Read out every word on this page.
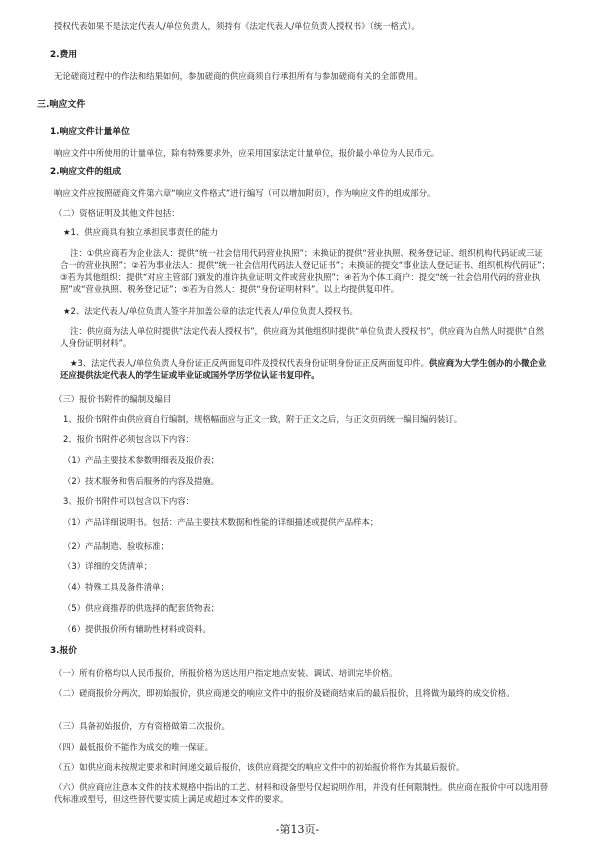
授权代表如果不是法定代表人/单位负责人，须持有《法定代表人/单位负责人授权书》（统一格式）。
2.费用
无论磋商过程中的作法和结果如何，参加磋商的供应商须自行承担所有与参加磋商有关的全部费用。
三.响应文件
1.响应文件计量单位
响应文件中所使用的计量单位，除有特殊要求外，应采用国家法定计量单位，报价最小单位为人民币元。
2.响应文件的组成
响应文件应按照磋商文件第六章“响应文件格式”进行编写（可以增加附页），作为响应文件的组成部分。
（二）资格证明及其他文件包括：
★1、供应商具有独立承担民事责任的能力
注：①供应商若为企业法人：提供“统一社会信用代码营业执照”；未换证的提供“营业执照、税务登记证、组织机构代码证或三证合一的营业执照”；②若为事业法人：提供“统一社会信用代码法人登记证书”；未换证的提交“事业法人登记证书、组织机构代码证”；③若为其他组织：提供“对应主管部门颁发的准许执业证明文件或营业执照”；④若为个体工商户：提交“统一社会信用代码的营业执照”或“营业执照、税务登记证”；⑤若为自然人：提供“身份证明材料”。以上均提供复印件。
★2、法定代表人/单位负责人签字并加盖公章的法定代表人/单位负责人授权书。
注：供应商为法人单位时提供“法定代表人授权书”，供应商为其他组织时提供“单位负责人授权书”，供应商为自然人时提供“自然人身份证明材料”。
★3、法定代表人/单位负责人身份证正反两面复印件及授权代表身份证明身份证正反两面复印件。供应商为大学生创办的小微企业还应提供法定代表人的学生证或毕业证或国外学历学位认证书复印件。
（三）报价书附件的编制及编目
1、报价书附件由供应商自行编制，规格幅面应与正文一致，附于正文之后，与正文页码统一编目编码装订。
2、报价书附件必须包含以下内容：
（1）产品主要技术参数明细表及报价表；
（2）技术服务和售后服务的内容及措施。
3、报价书附件可以包含以下内容：
（1）产品详细说明书。包括：产品主要技术数据和性能的详细描述或提供产品样本；
（2）产品制造、验收标准；
（3）详细的交货清单；
（4）特殊工具及备件清单；
（5）供应商推荐的供选择的配套货物表；
（6）提供报价所有辅助性材料或资料。
3.报价
（一）所有价格均以人民币报价，所报价格为送达用户指定地点安装、调试、培训完毕价格。
（二）磋商报价分两次，即初始报价，供应商递交的响应文件中的报价及磋商结束后的最后报价，且将做为最终的成交价格。
（三）具备初始报价，方有资格做第二次报价。
（四）最低报价不能作为成交的唯一保证。
（五）如供应商未按规定要求和时间递交最后报价，该供应商提交的响应文件中的初始报价将作为其最后报价。
（六）供应商应注意本文件的技术规格中指出的工艺、材料和设备型号仅起说明作用，并没有任何限制性。供应商在报价中可以选用替代标准或型号，但这些替代要实质上满足或超过本文件的要求。
-第13页-
